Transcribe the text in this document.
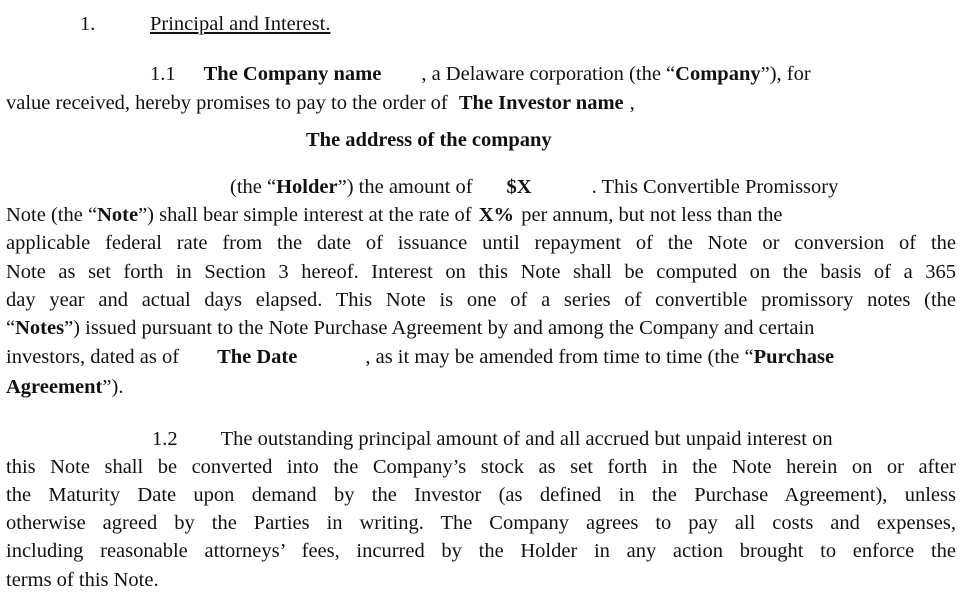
1.	Principal and Interest.
1.1 The Company name , a Delaware corporation (the “Company”), for
value received, hereby promises to pay to the order of The Investor name ,
The address of the company
(the “Holder”) the amount of $X	. This Convertible Promissory
Note (the “Note”) shall bear simple interest at the rate of X% per annum, but not less than the
applicable federal rate from the date of issuance until repayment of the Note or conversion of the
Note as set forth in Section 3 hereof. Interest on this Note shall be computed on the basis of a 365
day year and actual days elapsed. This Note is one of a series of convertible promissory notes (the
“Notes”) issued pursuant to the Note Purchase Agreement by and among the Company and certain
investors, dated as of The Date	, as it may be amended from time to time (the “Purchase
Agreement”).
1.2 The outstanding principal amount of and all accrued but unpaid interest on
this Note shall be converted into the Company’s stock as set forth in the Note herein on or after
the Maturity Date upon demand by the Investor (as defined in the Purchase Agreement), unless
otherwise agreed by the Parties in writing. The Company agrees to pay all costs and expenses,
including reasonable attorneys’ fees, incurred by the Holder in any action brought to enforce the
terms of this Note.
